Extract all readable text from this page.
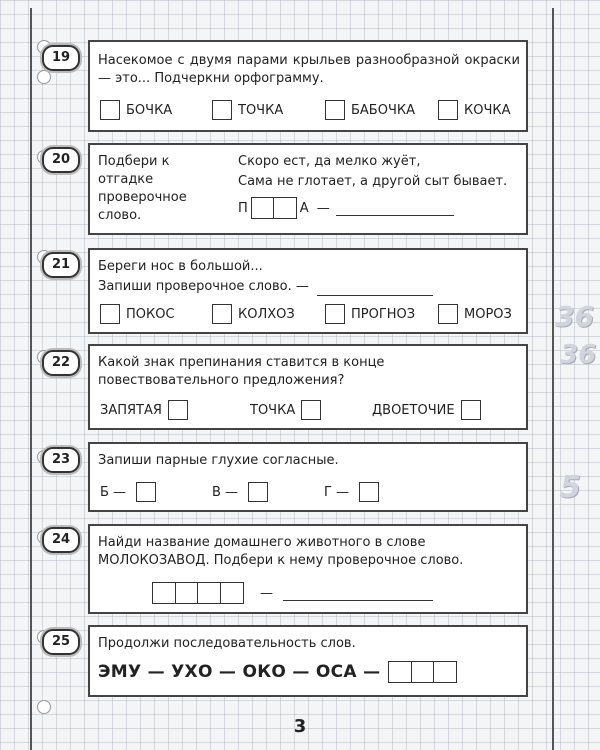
36
36
5
19	Насекомое с двумя парами крыльев разнообразной окраски — это... Подчеркни орфограмму.
БОЧКА	ТОЧКА	БАБОЧКА	КОЧКА
20	Подбери к отгадке проверочное слово.
Скоро ест, да мелко жуёт,
Сама не глотает, а другой сыт бывает.
П	А —
21	Береги нос в большой...
Запиши проверочное слово. —
ПОКОС	КОЛХОЗ	ПРОГНОЗ	МОРОЗ
22	Какой знак препинания ставится в конце повествовательного предложения?
ЗАПЯТАЯ	ТОЧКА	ДВОЕТОЧИЕ
23	Запиши парные глухие согласные.
Б —	В —	Г —
24	Найди название домашнего животного в слове МОЛОКОЗАВОД. Подбери к нему проверочное слово.
—
25	Продолжи последовательность слов.
ЭМУ — УХО — ОКО — ОСА —
3
